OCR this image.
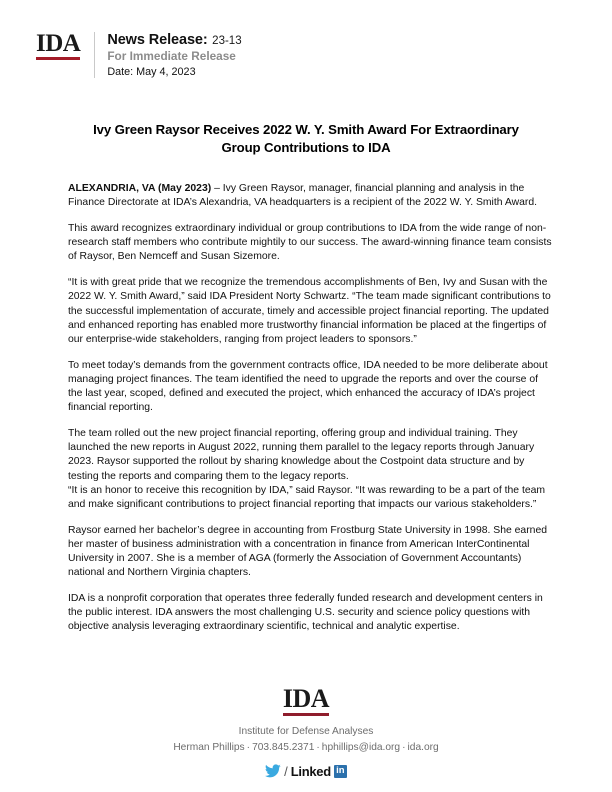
IDA News Release: 23-13
For Immediate Release
Date: May 4, 2023
Ivy Green Raysor Receives 2022 W. Y. Smith Award For Extraordinary Group Contributions to IDA

ALEXANDRIA, VA (May 2023) – Ivy Green Raysor, manager, financial planning and analysis in the Finance Directorate at IDA’s Alexandria, VA headquarters is a recipient of the 2022 W. Y. Smith Award.

This award recognizes extraordinary individual or group contributions to IDA from the wide range of non-research staff members who contribute mightily to our success. The award-winning finance team consists of Raysor, Ben Nemceff and Susan Sizemore.

“It is with great pride that we recognize the tremendous accomplishments of Ben, Ivy and Susan with the 2022 W. Y. Smith Award,” said IDA President Norty Schwartz. “The team made significant contributions to the successful implementation of accurate, timely and accessible project financial reporting. The updated and enhanced reporting has enabled more trustworthy financial information be placed at the fingertips of our enterprise-wide stakeholders, ranging from project leaders to sponsors.”

To meet today’s demands from the government contracts office, IDA needed to be more deliberate about managing project finances. The team identified the need to upgrade the reports and over the course of the last year, scoped, defined and executed the project, which enhanced the accuracy of IDA’s project financial reporting.

The team rolled out the new project financial reporting, offering group and individual training. They launched the new reports in August 2022, running them parallel to the legacy reports through January 2023. Raysor supported the rollout by sharing knowledge about the Costpoint data structure and by testing the reports and comparing them to the legacy reports.
“It is an honor to receive this recognition by IDA,” said Raysor. “It was rewarding to be a part of the team and make significant contributions to project financial reporting that impacts our various stakeholders.”

Raysor earned her bachelor’s degree in accounting from Frostburg State University in 1998. She earned her master of business administration with a concentration in finance from American InterContinental University in 2007. She is a member of AGA (formerly the Association of Government Accountants) national and Northern Virginia chapters.

IDA is a nonprofit corporation that operates three federally funded research and development centers in the public interest. IDA answers the most challenging U.S. security and science policy questions with objective analysis leveraging extraordinary scientific, technical and analytic expertise.

IDA
Institute for Defense Analyses
Herman Phillips · 703.845.2371 · hphillips@ida.org · ida.org
/ Linked in
